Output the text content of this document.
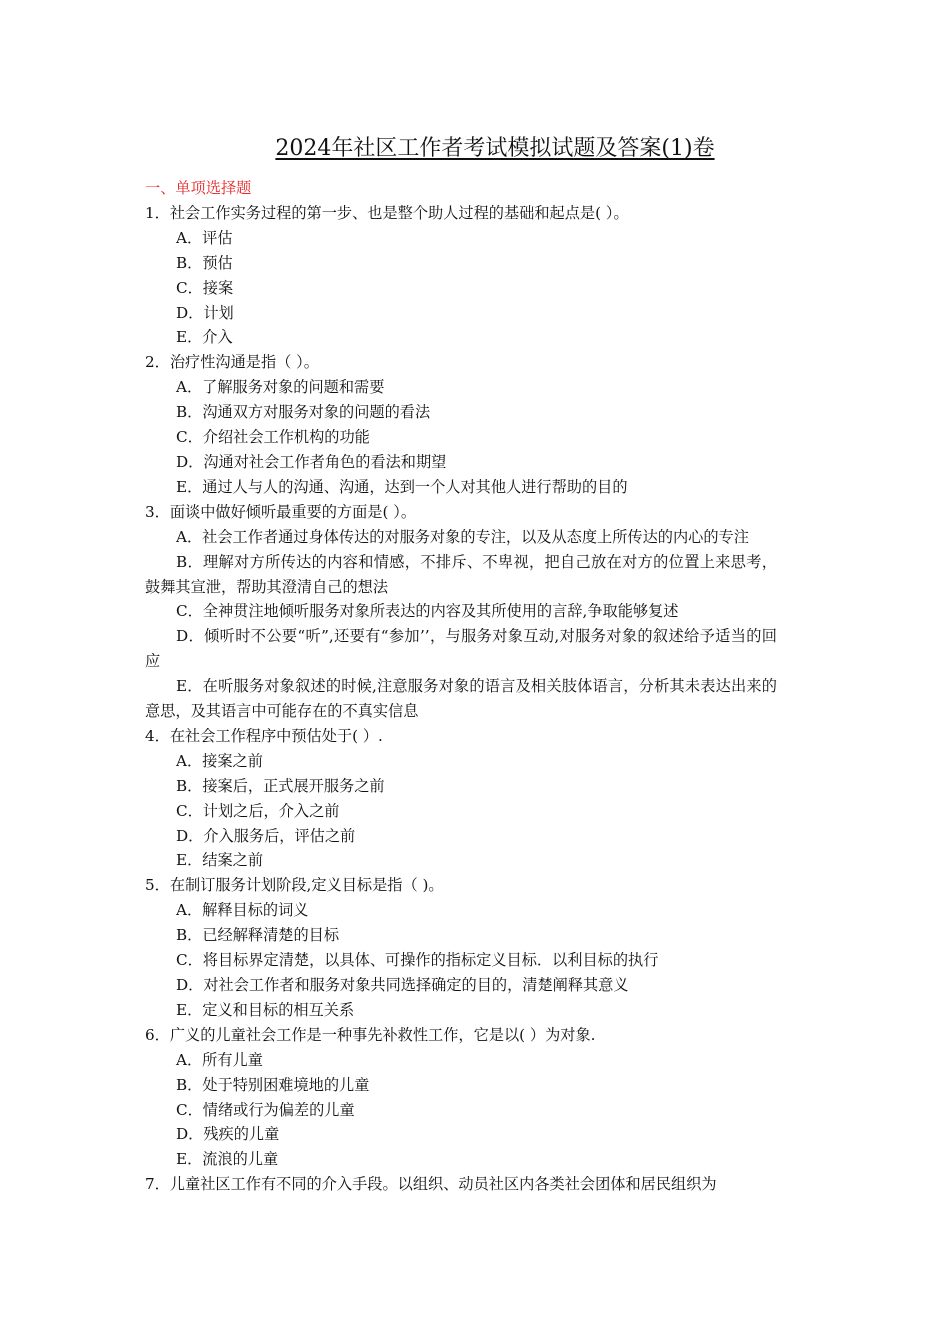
2024年社区工作者考试模拟试题及答案(1)卷
一、单项选择题
1．社会工作实务过程的第一步、也是整个助人过程的基础和起点是( ）。
A．评估
B．预估
C．接案
D．计划
E．介入
2．治疗性沟通是指（ ）。
A．了解服务对象的问题和需要
B．沟通双方对服务对象的问题的看法
C．介绍社会工作机构的功能
D．沟通对社会工作者角色的看法和期望
E．通过人与人的沟通、沟通，达到一个人对其他人进行帮助的目的
3．面谈中做好倾听最重要的方面是( ）。
A．社会工作者通过身体传达的对服务对象的专注，以及从态度上所传达的内心的专注
B．理解对方所传达的内容和情感，不排斥、不卑视，把自己放在对方的位置上来思考，鼓舞其宣泄，帮助其澄清自己的想法
C．全神贯注地倾听服务对象所表达的内容及其所使用的言辞,争取能够复述
D．倾听时不公要“听”,还要有“参加’’，与服务对象互动,对服务对象的叙述给予适当的回应
E．在听服务对象叙述的时候,注意服务对象的语言及相关肢体语言，分析其未表达出来的意思，及其语言中可能存在的不真实信息
4．在社会工作程序中预估处于( ）.
A．接案之前
B．接案后，正式展开服务之前
C．计划之后，介入之前
D．介入服务后，评估之前
E．结案之前
5．在制订服务计划阶段,定义目标是指（ )。
A．解释目标的词义
B．已经解释清楚的目标
C．将目标界定清楚，以具体、可操作的指标定义目标．以利目标的执行
D．对社会工作者和服务对象共同选择确定的目的，清楚阐释其意义
E．定义和目标的相互关系
6．广义的儿童社会工作是一种事先补救性工作，它是以( ）为对象.
A．所有儿童
B．处于特别困难境地的儿童
C．情绪或行为偏差的儿童
D．残疾的儿童
E．流浪的儿童
7．儿童社区工作有不同的介入手段。以组织、动员社区内各类社会团体和居民组织为
